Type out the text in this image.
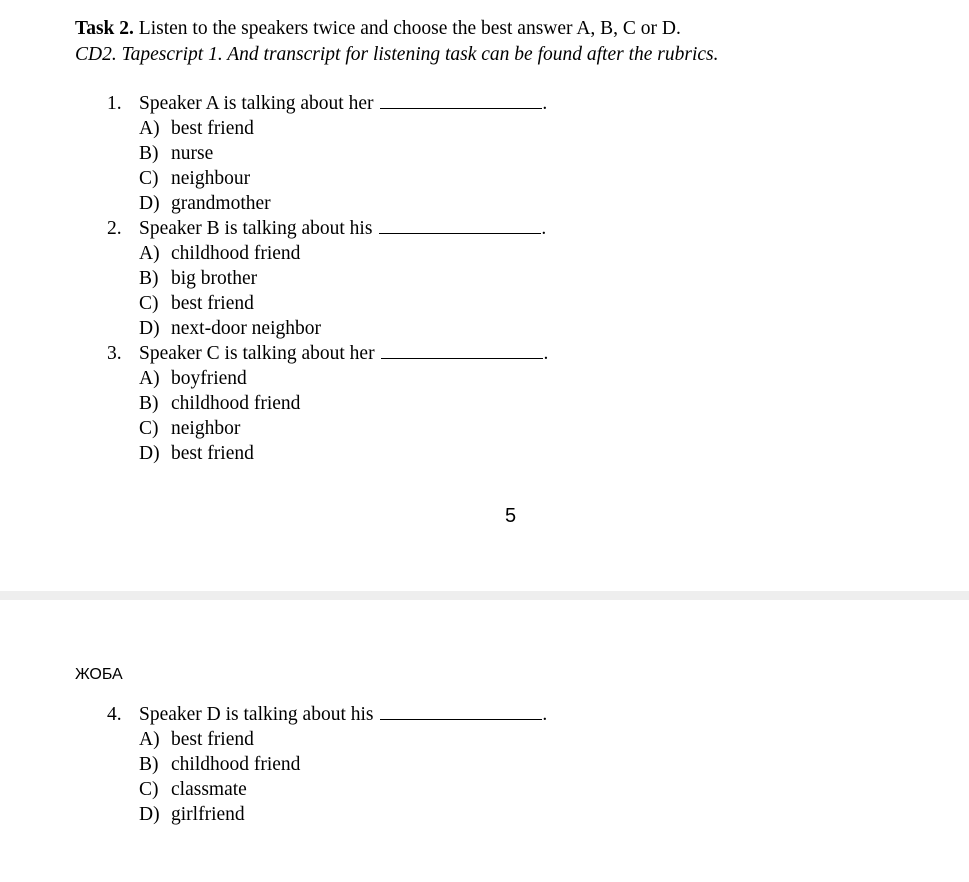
Task 2. Listen to the speakers twice and choose the best answer A, B, C or D.
CD2. Tapescript 1. And transcript for listening task can be found after the rubrics.
1. Speaker A is talking about her	.
A) best friend
B) nurse
C) neighbour
D) grandmother
2. Speaker B is talking about his	.
A) childhood friend
B) big brother
C) best friend
D) next-door neighbor
3. Speaker C is talking about her	.
A) boyfriend
B) childhood friend
C) neighbor
D) best friend
5
ЖОБА
4. Speaker D is talking about his	.
A) best friend
B) childhood friend
C) classmate
D) girlfriend
